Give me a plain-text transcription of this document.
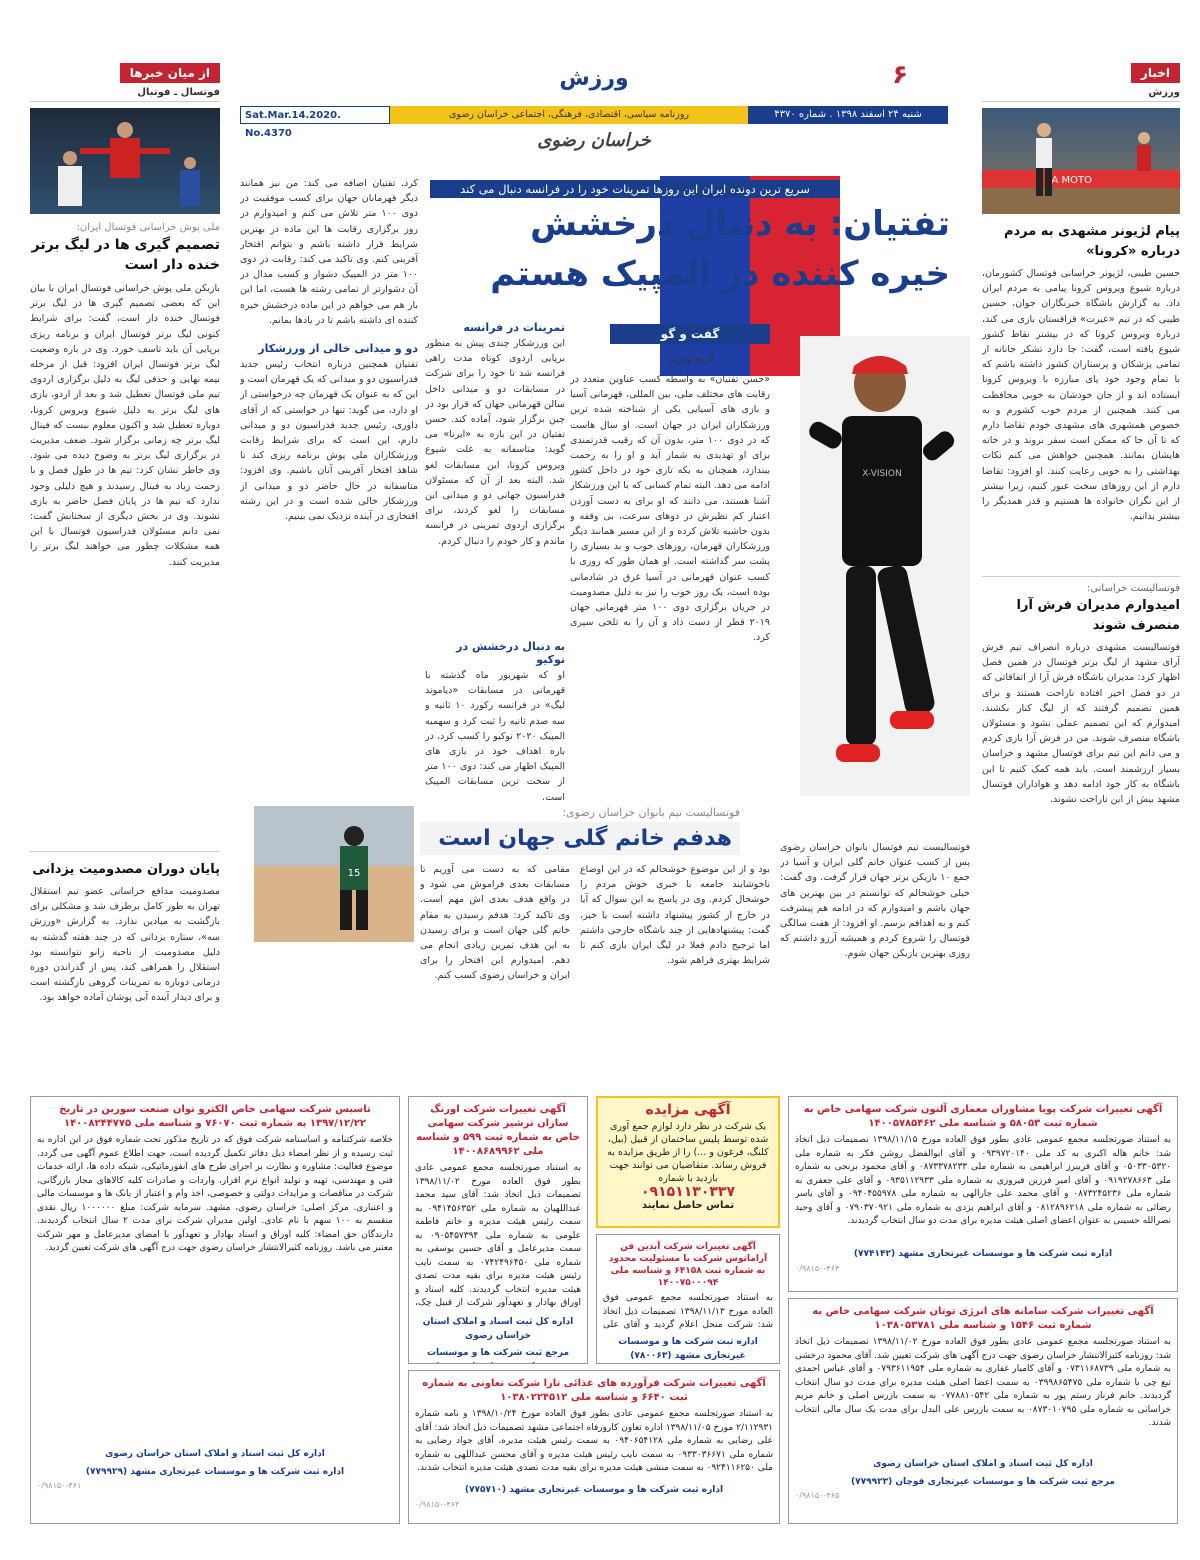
۶
ورزش
Sat.Mar.14.2020. No.4370
روزنامه سیاسی، اقتصادی، فرهنگی، اجتماعی خراسان رضوی	شنبه ۲۴ اسفند ۱۳۹۸ . شماره ۴۳۷۰
خراسان رضوی
اخبار
ورزش
A MOTO
پیام لژیونر مشهدی به مردم درباره «کرونا»
حسین طیبی، لژیونر خراسانی فوتسال کشورمان، درباره شیوع ویروس کرونا پیامی به مردم ایران داد. به گزارش باشگاه خبرنگاران جوان، حسین طیبی که در تیم «عیرت» قزاقستان بازی می کند، درباره ویروس کرونا که در بیشتر نقاط کشور شیوع یافته است، گفت: جا دارد تشکر جانانه از تمامی پزشکان و پرستاران کشور داشته باشم که با تمام وجود خود پای مبارزه با ویروس کرونا ایستاده اند و از جان خودشان به خوبی محافظت می کنند. همچنین از مردم خوب کشورم و به خصوص همشهری های مشهدی خودم تقاضا دارم که تا آن جا که ممکن است سفر نروند و در خانه هایشان بمانند. همچنین خواهش می کنم نکات بهداشتی را به خوبی رعایت کنند. او افزود: تقاضا دارم از این روزهای سخت عبور کنیم، زیرا بیشتر از این نگران خانواده ها هستیم و قدر همدیگر را بیشتر بدانیم.
فوتسالیست خراسانی:
امیدوارم مدیران فرش آرا منصرف شوند
فوتسالیست مشهدی درباره انصراف تیم فرش آرای مشهد از لیگ برتر فوتسال در همین فصل اظهار کرد: مدیران باشگاه فرش آرا از اتفاقاتی که در دو فصل اخیر افتاده ناراحت هستند و برای همین تصمیم گرفتند که از لیگ کنار بکشند. امیدوارم که این تصمیم عملی نشود و مسئولان باشگاه منصرف شوند. من در فرش آرا بازی کردم و می دانم این تیم برای فوتسال مشهد و خراسان بسیار ارزشمند است. باید همه کمک کنیم تا این باشگاه به کار خود ادامه دهد و هواداران فوتسال مشهد بیش از این ناراحت نشوند.
از میان خبرها
فوتسال ـ فوتبال
ملی پوش خراسانی فوتسال ایران:
تصمیم گیری ها در لیگ برتر خنده دار است
بازیکن ملی پوش خراسانی فوتسال ایران با بیان این که بعضی تصمیم گیری ها در لیگ برتر فوتسال خنده دار است، گفت: برای شرایط کنونی لیگ برتر فوتسال ایران و برنامه ریزی برپایی آن باید تاسف خورد. وی در باره وضعیت لیگ برتر فوتسال ایران افزود: قبل از مرحله نیمه نهایی و حذفی لیگ به دلیل برگزاری اردوی تیم ملی فوتسال تعطیل شد و بعد از اردو، بازی های لیگ برتر به دلیل شیوع ویروس کرونا، دوباره تعطیل شد و اکنون معلوم نیست که فینال لیگ برتر چه زمانی برگزار شود. ضعف مدیریت در برگزاری لیگ برتر به وضوح دیده می شود. وی خاطر نشان کرد: تیم ها در طول فصل و با زحمت زیاد به فینال رسیدند و هیچ دلیلی وجود ندارد که تیم ها در پایان فصل حاضر به بازی نشوند. وی در بخش دیگری از سخنانش گفت: نمی دانم مسئولان فدراسیون فوتسال با این همه مشکلات چطور می خواهند لیگ برتر را مدیریت کنند.
پایان دوران مصدومیت یزدانی
مصدومیت مدافع خراسانی عضو تیم استقلال تهران به طور کامل برطرف شد و مشکلی برای بازگشت به میادین ندارد. به گزارش «ورزش سه»، ستاره یزدانی که در چند هفته گذشته به دلیل مصدومیت از ناحیه زانو نتوانسته بود استقلال را همراهی کند، پس از گذراندن دوره درمانی دوباره به تمرینات گروهی بازگشته است و برای دیدار آینده آبی پوشان آماده خواهد بود.
سریع ترین دونده ایران این روزها تمرینات خود را در فرانسه دنبال می کند
تفتیان: به دنبال درخشش
خیره کننده در المپیک هستم
X-VISION
گفت و گو
گروه ورزش
«حسن تفتیان» به واسطه کسب عناوین متعدد در رقابت های مختلف ملی، بین المللی، قهرمانی آسیا و بازی های آسیایی یکی از شناخته شده ترین ورزشکاران ایران در جهان است. او سال هاست که در دوی ۱۰۰ متر، بدون آن که رقیب قدرتمندی برای او تهدیدی به شمار آید و او را به زحمت بیندازد، همچنان به یکه تازی خود در داخل کشور ادامه می دهد. البته تمام کسانی که با این ورزشکار آشنا هستند، می دانند که او برای به دست آوردن اعتبار کم نظیرش در دوهای سرعت، بی وقفه و بدون حاشیه تلاش کرده و از این مسیر همانند دیگر ورزشکاران قهرمان، روزهای خوب و بد بسیاری را پشت سر گذاشته است. او همان طور که روزی با کسب عنوان قهرمانی در آسیا غرق در شادمانی بوده است، یک روز خوب را نیز به دلیل مصدومیت در جریان برگزاری دوی ۱۰۰ متر قهرمانی جهان ۲۰۱۹ قطر از دست داد و آن را به تلخی سپری کرد.
تمرینات در فرانسه
این ورزشکار چندی پیش به منظور برپایی اردوی کوتاه مدت راهی فرانسه شد تا خود را برای شرکت در مسابقات دو و میدانی داخل سالن قهرمانی جهان که قرار بود در چین برگزار شود، آماده کند. حسن تفتیان در این باره به «ایرنا» می گوید: متاسفانه به علت شیوع ویروس کرونا، این مسابقات لغو شد. البته بعد از آن که مسئولان فدراسیون جهانی دو و میدانی این مسابقات را لغو کردند، برای برگزاری اردوی تمرینی در فرانسه ماندم و کار خودم را دنبال کردم.
به دنبال درخشش در توکیو
او که شهریور ماه گذشته با قهرمانی در مسابقات «دیاموند لیگ» در فرانسه رکورد ۱۰ ثانیه و سه صدم ثانیه را ثبت کرد و سهمیه المپیک ۲۰۲۰ توکیو را کسب کرد، در باره اهداف خود در بازی های المپیک اظهار می کند: دوی ۱۰۰ متر از سخت ترین مسابقات المپیک است.
کرد. تفتیان اضافه می کند: من نیز همانند دیگر قهرمانان جهان برای کسب موفقیت در دوی ۱۰۰ متر تلاش می کنم و امیدوارم در روز برگزاری رقابت ها این ماده در بهترین شرایط قرار داشته باشم و بتوانم افتخار آفرینی کنم. وی تاکید می کند: رقابت در دوی ۱۰۰ متر در المپیک دشوار و کسب مدال در آن دشوارتر از تمامی رشته ها هست، اما این بار هم می خواهم در این ماده درخشش خیره کننده ای داشته باشم تا در یادها بمانم.
دو و میدانی خالی از ورزشکار
تفتیان همچنین درباره انتخاب رئیس جدید فدراسیون دو و میدانی که یک قهرمان است و این که به عنوان یک قهرمان چه درخواستی از او دارد، می گوید: تنها در خواستی که از آقای داوری، رئیس جدید فدراسیون دو و میدانی دارم، این است که برای شرایط رقابت ورزشکاران ملی پوش برنامه ریزی کند تا شاهد افتخار آفرینی آنان باشیم. وی افزود: متاسفانه در حال حاضر دو و میدانی از ورزشکار خالی شده است و در این رشته افتخاری در آینده نزدیک نمی بینیم.
فوتسالیست تیم بانوان خراسان رضوی:
هدفم خانم گلی جهان است
15
فوتسالیست تیم فوتسال بانوان خراسان رضوی پس از کسب عنوان خانم گلی ایران و آسیا در جمع ۱۰ بازیکن برتر جهان قرار گرفت. وی گفت: خیلی خوشحالم که توانستم در بین بهترین های جهان باشم و امیدوارم که در ادامه هم پیشرفت کنم و به اهدافم برسم. او افزود: از هفت سالگی فوتسال را شروع کردم و همیشه آرزو داشتم که روزی بهترین بازیکن جهان شوم.
بود و از این موضوع خوشحالم که در این اوضاع ناخوشایند جامعه با خبری خوش مردم را خوشحال کردم. وی در پاسخ به این سوال که آیا در خارج از کشور پیشنهاد داشته است یا خیر، گفت: پیشنهادهایی از چند باشگاه خارجی داشتم اما ترجیح دادم فعلا در لیگ ایران بازی کنم تا شرایط بهتری فراهم شود.
مقامی که به دست می آوریم تا مسابقات بعدی فراموش می شود و در واقع هدف بعدی اش مهم است. وی تاکید کرد: هدفم رسیدن به مقام خانم گلی جهان است و برای رسیدن به این هدف تمرین زیادی انجام می دهم. امیدوارم این افتخار را برای ایران و خراسان رضوی کسب کنم.
تاسیس شرکت سهامی خاص الکترو توان صنعت سورین در تاریخ ۱۳۹۷/۱۲/۲۲ به شماره ثبت ۷۶۰۷۰ و شناسه ملی ۱۴۰۰۸۲۴۴۷۷۵
خلاصه شرکتنامه و اساسنامه شرکت فوق که در تاریخ مذکور تحت شماره فوق در این اداره به ثبت رسیده و از نظر امضاء ذیل دفاتر تکمیل گردیده است، جهت اطلاع عموم آگهی می گردد. موضوع فعالیت: مشاوره و نظارت بر اجرای طرح های انفورماتیکی، شبکه داده ها، ارائه خدمات فنی و مهندسی، تهیه و تولید انواع نرم افزار، واردات و صادرات کلیه کالاهای مجاز بازرگانی، شرکت در مناقصات و مزایدات دولتی و خصوصی، اخذ وام و اعتبار از بانک ها و موسسات مالی و اعتباری. مرکز اصلی: خراسان رضوی، مشهد. سرمایه شرکت: مبلغ ۱۰۰۰۰۰۰ ریال نقدی منقسم به ۱۰۰ سهم با نام عادی. اولین مدیران شرکت برای مدت ۲ سال انتخاب گردیدند. دارندگان حق امضاء: کلیه اوراق و اسناد بهادار و تعهدآور با امضای مدیرعامل و مهر شرکت معتبر می باشد. روزنامه کثیرالانتشار خراسان رضوی جهت درج آگهی های شرکت تعیین گردید.
اداره کل ثبت اسناد و املاک استان خراسان رضوی
اداره ثبت شرکت ها و موسسات غیرتجاری مشهد (۷۷۹۹۲۹)
۰/۹۸۱۵۰-۴۶۱
آگهی تغییرات شرکت اورنگ سازان ترشیز شرکت سهامی خاص به شماره ثبت ۵۹۹ و شناسه ملی ۱۴۰۰۸۶۸۹۹۶۲
به استناد صورتجلسه مجمع عمومی عادی بطور فوق العاده مورخ ۱۳۹۸/۱۱/۰۲ تصمیمات ذیل اتخاذ شد: آقای سید محمد عبداللهیان به شماره ملی ۰۹۴۱۴۵۶۳۵۲ به سمت رئیس هیئت مدیره و خانم فاطمه علومی به شماره ملی ۰۹۰۵۴۵۷۳۹۴ به سمت مدیرعامل و آقای حسین یوسفی به شماره ملی ۰۷۴۲۴۹۶۴۵۰ به سمت نایب رئیس هیئت مدیره برای بقیه مدت تصدی هیئت مدیره انتخاب گردیدند. کلیه اسناد و اوراق بهادار و تعهدآور شرکت از قبیل چک،
اداره کل ثبت اسناد و املاک استان خراسان رضوی
مرجع ثبت شرکت ها و موسسات
آگهی تغییرات شرکت فرآورده های غذائی تارا شرکت تعاونی به شماره ثبت ۶۶۴۰ و شناسه ملی ۱۰۳۸۰۲۲۴۵۱۲
به استناد صورتجلسه مجمع عمومی عادی بطور فوق العاده مورخ ۱۳۹۸/۱۰/۲۴ و نامه شماره ۲/۱۱۲۹۳۱ مورخ ۱۳۹۸/۱۱/۰۵ اداره تعاون کارورفاه اجتماعی مشهد تصمیمات ذیل اتخاذ شد: آقای علی رضایی به شماره ملی ۰۹۴۰۶۵۴۱۲۸ به سمت رئیس هیئت مدیره، آقای جواد رضایی به شماره ملی ۰۹۳۳۰۳۶۶۷۱ به سمت نایب رئیس هیئت مدیره و آقای محسن عبداللهی به شماره ملی ۰۹۲۴۱۱۶۲۵۰ به سمت منشی هیئت مدیره برای بقیه مدت تصدی هیئت مدیره انتخاب شدند.
اداره ثبت شرکت ها و موسسات غیرتجاری مشهد (۷۷۵۷۱۰)
۰/۹۸۱۵۰-۴۶۳
آگهی مزایده
یک شرکت در نظر دارد لوازم جمع آوری شده توسط پلیس ساختمان از قبیل (بیل، کلنگ، فرغون و ...) را از طریق مزایده به فروش رساند. متقاضیان می توانند جهت بازدید با شماره
۰۹۱۵۱۱۳۰۳۳۷
تماس حاصل نمایند
آگهی تغییرات شرکت آبدین فن آراماتوس شرکت با مسئولیت محدود به شماره ثبت ۶۴۱۵۸ و شناسه ملی ۱۴۰۰۷۵۰۰۰۹۴
به استناد صورتجلسه مجمع عمومی فوق العاده مورخ ۱۳۹۸/۱۱/۱۳ تصمیمات ذیل اتخاذ شد: شرکت منحل اعلام گردید و آقای علی
اداره ثبت شرکت ها و موسسات غیرتجاری مشهد (۷۸۰۰۶۳)
آگهی تغییرات شرکت پویا مشاوران معماری آلتون شرکت سهامی خاص به شماره ثبت ۵۸۰۵۳ و شناسه ملی ۱۴۰۰۵۷۸۵۴۶۲
به استناد صورتجلسه مجمع عمومی عادی بطور فوق العاده مورخ ۱۳۹۸/۱۱/۱۵ تصمیمات ذیل اتخاذ شد: خانم هاله اکبری به کد ملی ۰۹۳۹۷۲۰۱۴۰ و آقای ابوالفضل روشن فکر به شماره ملی ۰۵۰۳۳۰۵۳۲۰ و آقای فریبرز ابراهیمی به شماره ملی ۰۸۷۳۳۷۸۲۳۳ و آقای محمود برنجی به شماره ملی ۰۹۱۹۲۷۸۶۶۳ و آقای امیر فرزین فیروزی به شماره ملی ۰۹۳۵۱۱۲۹۳۳ و آقای علی جعفری به شماره ملی ۰۸۷۳۲۴۵۲۳۶ و آقای محمد علی جارالهی به شماره ملی ۰۹۴۰۴۵۵۹۷۸ و آقای یاسر رضائی به شماره ملی ۰۸۱۲۸۹۶۲۱۸ و آقای ابراهیم یزدی به شماره ملی ۰۷۹۰۳۷۰۹۲۱ و آقای وحید نصرالله حسینی به عنوان اعضای اصلی هیئت مدیره برای مدت دو سال انتخاب گردیدند.
اداره ثبت شرکت ها و موسسات غیرتجاری مشهد (۷۷۴۱۴۲)
۰/۹۸۱۵۰-۴۶۴
آگهی تغییرات شرکت سامانه های انرژی توتان شرکت سهامی خاص به شماره ثبت ۱۵۴۶ و شناسه ملی ۱۰۳۸۰۵۳۷۸۱
به استناد صورتجلسه مجمع عمومی عادی بطور فوق العاده مورخ ۱۳۹۸/۱۱/۰۲ تصمیمات ذیل اتخاذ شد: روزنامه کثیرالانتشار خراسان رضوی جهت درج آگهی های شرکت تعیین شد. آقای محمود درخشی به شماره ملی ۰۷۳۱۱۶۸۷۳۹ و آقای کامیار غفاری به شماره ملی ۰۷۹۳۶۱۱۹۵۴ و آقای عباس احمدی تبغ چی با شماره ملی ۰۳۹۹۸۶۵۴۷۵ به سمت اعضا اصلی هیئت مدیره برای مدت دو سال انتخاب گردیدند. خانم فرناز رستم پور به شماره ملی ۰۷۷۸۸۱۰۵۴۲ به سمت بازرس اصلی و خانم مریم خراسانی به شماره ملی ۰۸۷۳۰۱۰۷۹۵ به سمت بازرس علی البدل برای مدت یک سال مالی انتخاب شدند.
اداره کل ثبت اسناد و املاک استان خراسان رضوی
مرجع ثبت شرکت ها و موسسات غیرتجاری قوچان (۷۷۹۹۲۳)
۰/۹۸۱۵۰-۴۶۵
